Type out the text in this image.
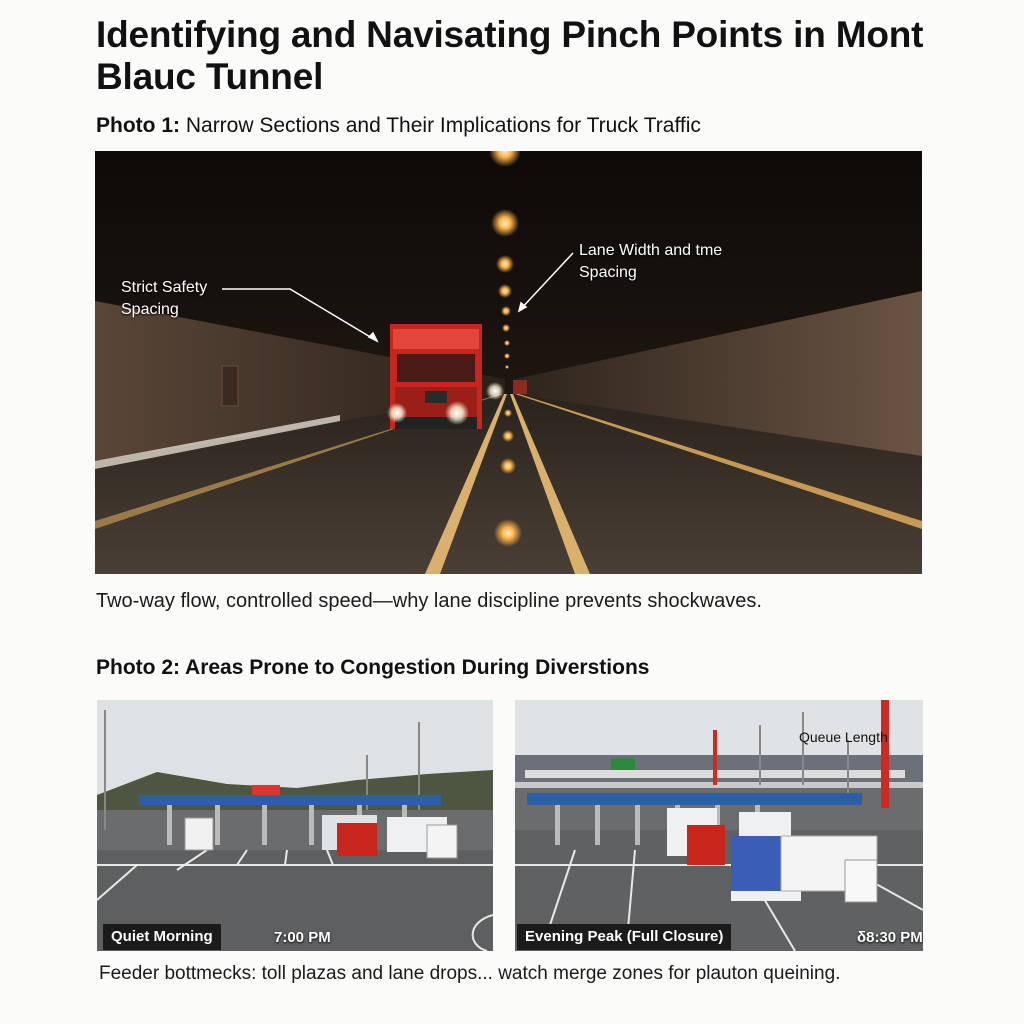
Identifying and Navisating Pinch Points in Mont Blauc Tunnel
Photo 1: Narrow Sections and Their Implications for Truck Traffic
Strict Safety Spacing
Lane Width and tme Spacing
Two-way flow, controlled speed—why lane discipline prevents shockwaves.
Photo 2: Areas Prone to Congestion During Diverstions
Quiet Morning	7:00 PM
Queue Length
Evening Peak (Full Closure)	δ8:30 PM
Feeder bottmecks: toll plazas and lane drops... watch merge zones for plauton queining.
